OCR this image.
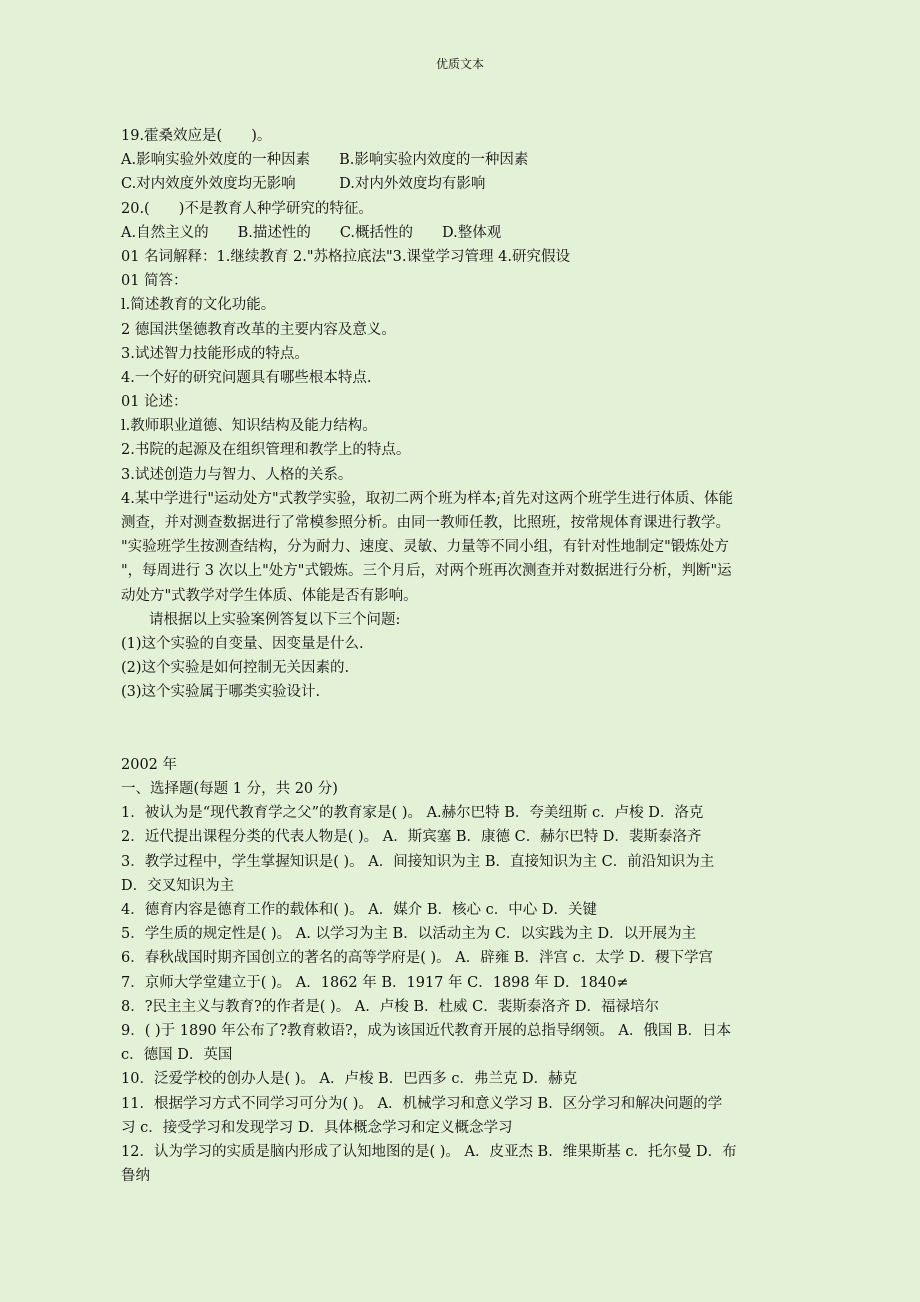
优质文本
19.霍桑效应是(　　)。
A.影响实验外效度的一种因素　　B.影响实验内效度的一种因素
C.对内效度外效度均无影响　　　D.对内外效度均有影响
20.(　　)不是教育人种学研究的特征。
A.自然主义的　　B.描述性的　　C.概括性的　　D.整体观
01 名词解释：1.继续教育 2."苏格拉底法"3.课堂学习管理 4.研究假设
01 简答：
l.简述教育的文化功能。
2 德国洪堡德教育改革的主要内容及意义。
3.试述智力技能形成的特点。
4.一个好的研究问题具有哪些根本特点.
01 论述：
l.教师职业道德、知识结构及能力结构。
2.书院的起源及在组织管理和教学上的特点。
3.试述创造力与智力、人格的关系。
4.某中学进行"运动处方"式教学实验，取初二两个班为样本;首先对这两个班学生进行体质、体能
测查，并对测查数据进行了常模参照分析。由同一教师任教，比照班，按常规体育课进行教学。
"实验班学生按测查结构，分为耐力、速度、灵敏、力量等不同小组，有针对性地制定"锻炼处方
"，每周进行 3 次以上"处方"式锻炼。三个月后，对两个班再次测查并对数据进行分析，判断"运
动处方"式教学对学生体质、体能是否有影响。
请根据以上实验案例答复以下三个问题:
(1)这个实验的自变量、因变量是什么.
(2)这个实验是如何控制无关因素的.
(3)这个实验属于哪类实验设计.
2002 年
一、选择题(每题 1 分，共 20 分)
1．被认为是“现代教育学之父”的教育家是( )。 A.赫尔巴特 B．夸美纽斯 c．卢梭 D．洛克
2．近代提出课程分类的代表人物是( )。 A．斯宾塞 B．康德 C．赫尔巴特 D．裴斯泰洛齐
3．教学过程中，学生掌握知识是( )。 A．间接知识为主 B．直接知识为主 C．前沿知识为主
D．交叉知识为主
4．德育内容是德育工作的载体和( )。 A．媒介 B．核心 c．中心 D．关键
5．学生质的规定性是( )。 A. 以学习为主 B．以活动主为 C．以实践为主 D．以开展为主
6．春秋战国时期齐国创立的著名的高等学府是( )。 A．辟雍 B．泮宫 c．太学 D．稷下学宫
7．京师大学堂建立于( )。 A．1862 年 B．1917 年 C．1898 年 D．1840≠
8．?民主主义与教育?的作者是( )。 A．卢梭 B．杜威 C．裴斯泰洛齐 D．福禄培尔
9．( )于 1890 年公布了?教育敕语?，成为该国近代教育开展的总指导纲领。 A．俄国 B．日本
c．德国 D．英国
10．泛爱学校的创办人是( )。 A．卢梭 B．巴西多 c．弗兰克 D．赫克
11．根据学习方式不同学习可分为( )。 A．机械学习和意义学习 B．区分学习和解决问题的学
习 c．接受学习和发现学习 D．具体概念学习和定义概念学习
12．认为学习的实质是脑内形成了认知地图的是( )。 A．皮亚杰 B．维果斯基 c．托尔曼 D．布
鲁纳
